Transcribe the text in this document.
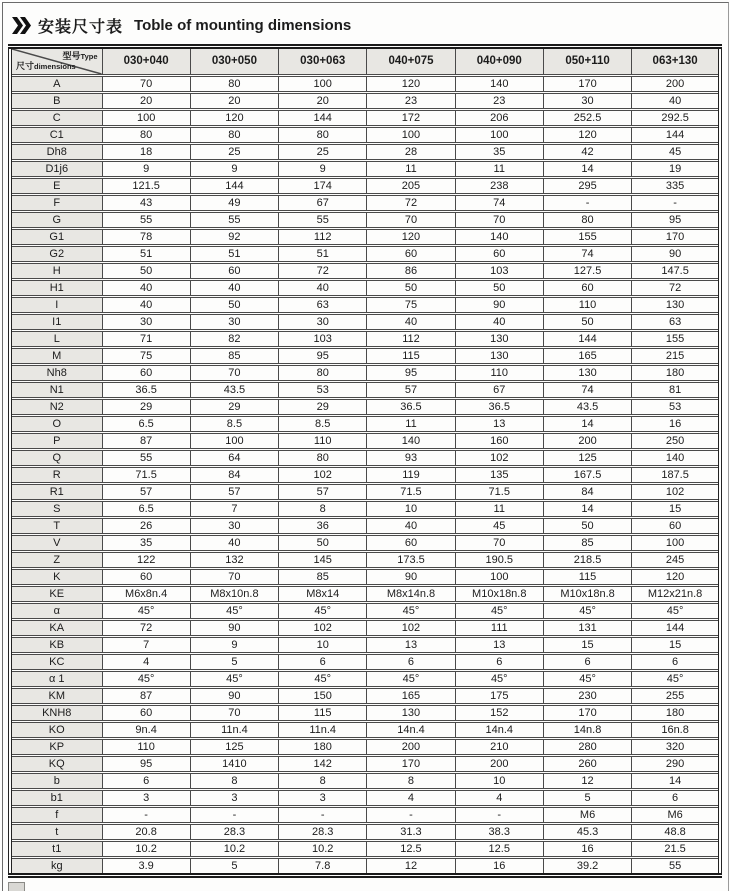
安装尺寸表 Toble of mounting dimensions
型号Type
尺寸dimensions	030+040	030+050	030+063	040+075	040+090	050+110	063+130
A	70	80	100	120	140	170	200
B	20	20	20	23	23	30	40
C	100	120	144	172	206	252.5	292.5
C1	80	80	80	100	100	120	144
Dh8	18	25	25	28	35	42	45
D1j6	9	9	9	11	11	14	19
E	121.5	144	174	205	238	295	335
F	43	49	67	72	74	-	-
G	55	55	55	70	70	80	95
G1	78	92	112	120	140	155	170
G2	51	51	51	60	60	74	90
H	50	60	72	86	103	127.5	147.5
H1	40	40	40	50	50	60	72
I	40	50	63	75	90	110	130
I1	30	30	30	40	40	50	63
L	71	82	103	112	130	144	155
M	75	85	95	115	130	165	215
Nh8	60	70	80	95	110	130	180
N1	36.5	43.5	53	57	67	74	81
N2	29	29	29	36.5	36.5	43.5	53
O	6.5	8.5	8.5	11	13	14	16
P	87	100	110	140	160	200	250
Q	55	64	80	93	102	125	140
R	71.5	84	102	119	135	167.5	187.5
R1	57	57	57	71.5	71.5	84	102
S	6.5	7	8	10	11	14	15
T	26	30	36	40	45	50	60
V	35	40	50	60	70	85	100
Z	122	132	145	173.5	190.5	218.5	245
K	60	70	85	90	100	115	120
KE	M6x8n.4	M8x10n.8	M8x14	M8x14n.8	M10x18n.8	M10x18n.8	M12x21n.8
α	45°	45°	45°	45°	45°	45°	45°
KA	72	90	102	102	111	131	144
KB	7	9	10	13	13	15	15
KC	4	5	6	6	6	6	6
α 1	45°	45°	45°	45°	45°	45°	45°
KM	87	90	150	165	175	230	255
KNH8	60	70	115	130	152	170	180
KO	9n.4	11n.4	11n.4	14n.4	14n.4	14n.8	16n.8
KP	110	125	180	200	210	280	320
KQ	95	1410	142	170	200	260	290
b	6	8	8	8	10	12	14
b1	3	3	3	4	4	5	6
f	-	-	-	-	-	M6	M6
t	20.8	28.3	28.3	31.3	38.3	45.3	48.8
t1	10.2	10.2	10.2	12.5	12.5	16	21.5
kg	3.9	5	7.8	12	16	39.2	55
